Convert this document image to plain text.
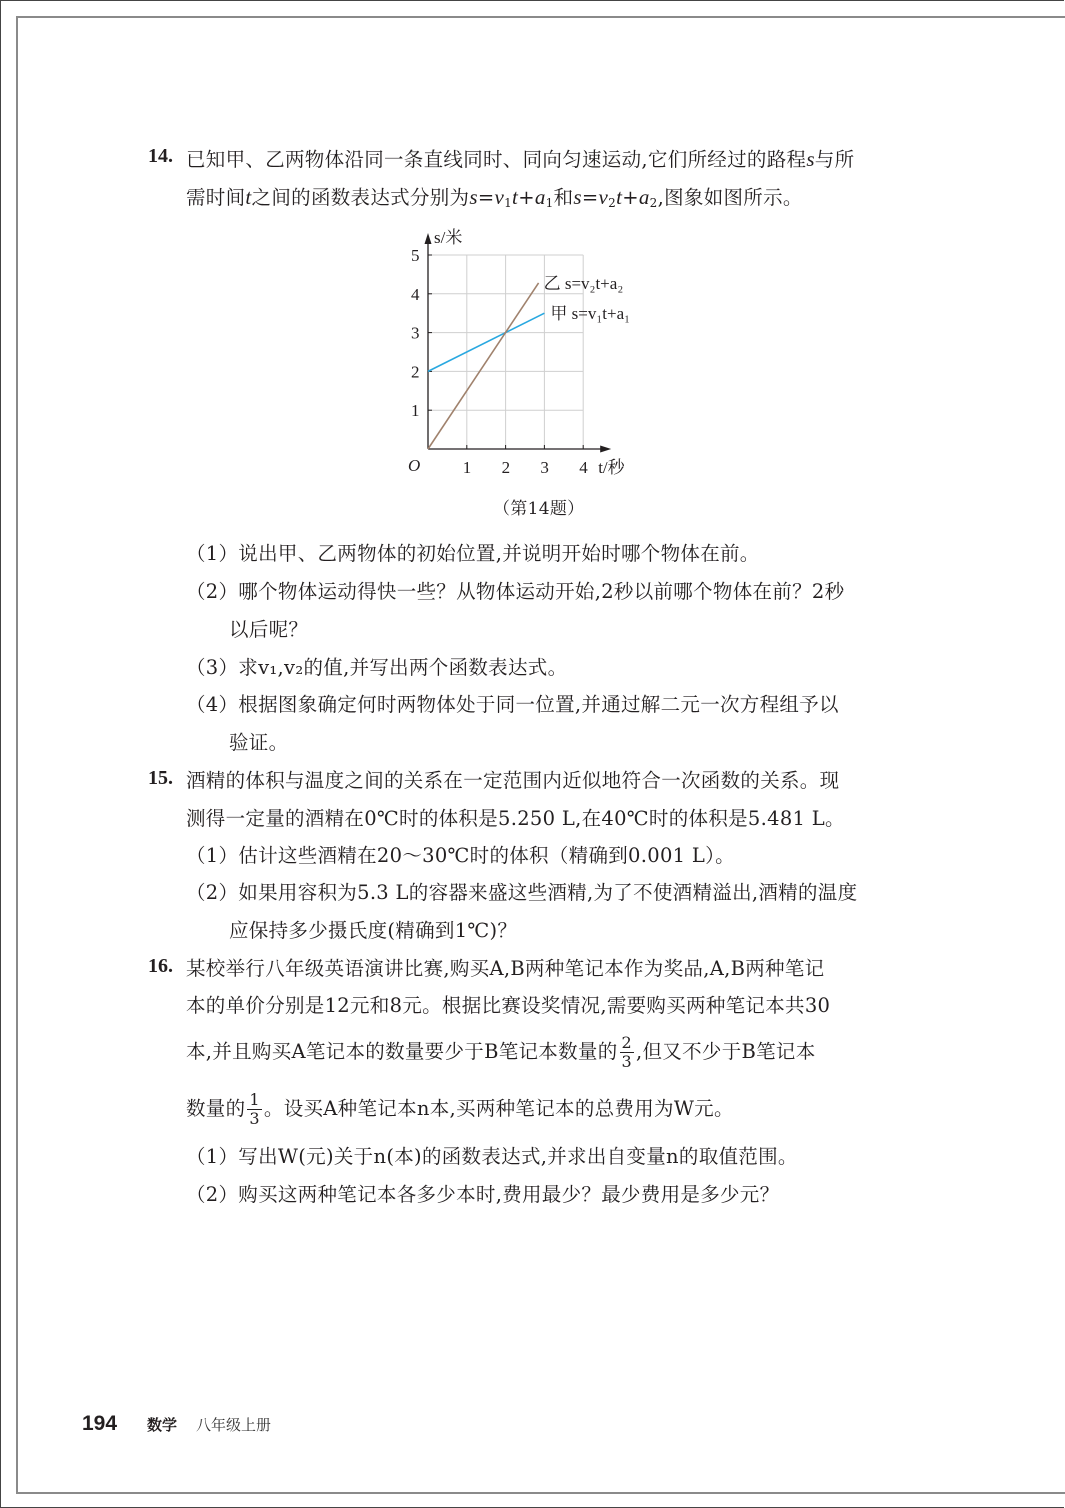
14. 已知甲、乙两物体沿同一条直线同时、同向匀速运动,它们所经过的路程s与所
需时间t之间的函数表达式分别为$s=v_1t+a_1$和$s=v_2t+a_2$,图象如图所示。
1 2 3 4
1
2
3
4
5
O	t/秒
s/米
甲 s=v₁t+a₁
乙 s=v₂t+a₂
（第14题）
（1）说出甲、乙两物体的初始位置,并说明开始时哪个物体在前。
（2）哪个物体运动得快一些？从物体运动开始,2秒以前哪个物体在前？2秒
以后呢？
（3）求v₁,v₂的值,并写出两个函数表达式。
（4）根据图象确定何时两物体处于同一位置,并通过解二元一次方程组予以
验证。
15. 酒精的体积与温度之间的关系在一定范围内近似地符合一次函数的关系。现
测得一定量的酒精在0℃时的体积是5.250 L,在40℃时的体积是5.481 L。
（1）估计这些酒精在20～30℃时的体积（精确到0.001 L）。
（2）如果用容积为5.3 L的容器来盛这些酒精,为了不使酒精溢出,酒精的温度
应保持多少摄氏度(精确到1℃)？
16. 某校举行八年级英语演讲比赛,购买A,B两种笔记本作为奖品,A,B两种笔记
本的单价分别是12元和8元。根据比赛设奖情况,需要购买两种笔记本共30
本,并且购买A笔记本的数量要少于B笔记本数量的 $\frac{2}{3}$ ,但又不少于B笔记本
数量的 $\frac{1}{3}$ 。设买A种笔记本n本,买两种笔记本的总费用为W元。
（1）写出W(元)关于n(本)的函数表达式,并求出自变量n的取值范围。
（2）购买这两种笔记本各多少本时,费用最少？最少费用是多少元？
194 数学 八年级上册
